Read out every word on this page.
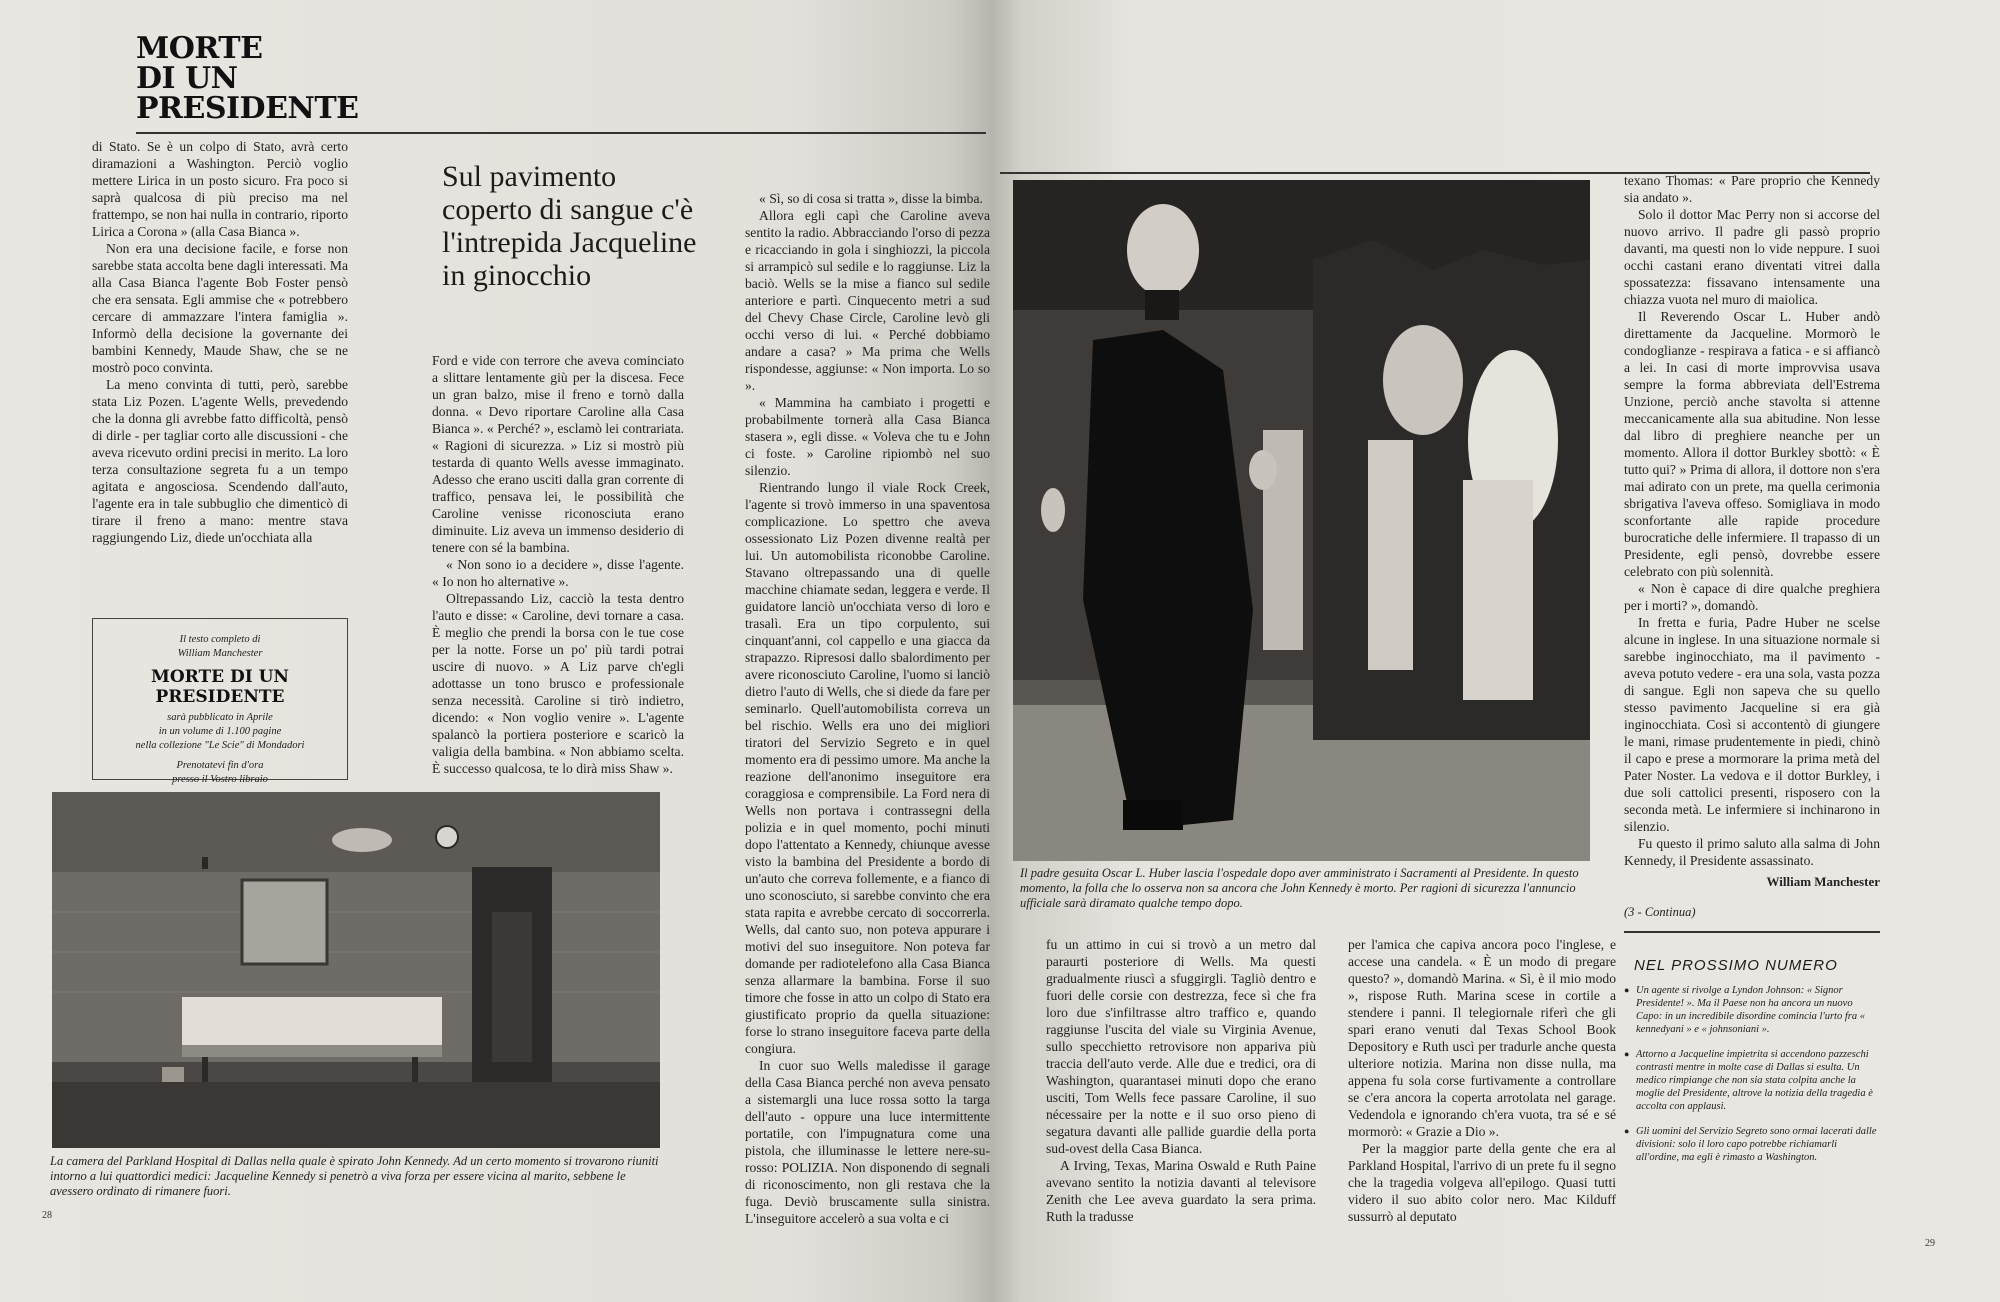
MORTE
DI UN
PRESIDENTE

di Stato. Se è un colpo di Stato, avrà certo diramazioni a Washington. Perciò voglio mettere Lirica in un posto sicuro. Fra poco si saprà qualcosa di più preciso ma nel frattempo, se non hai nulla in contrario, riporto Lirica a Corona » (alla Casa Bianca ».

Non era una decisione facile, e forse non sarebbe stata accolta bene dagli interessati. Ma alla Casa Bianca l'agente Bob Foster pensò che era sensata. Egli ammise che « potrebbero cercare di ammazzare l'intera famiglia ». Informò della decisione la governante dei bambini Kennedy, Maude Shaw, che se ne mostrò poco convinta.

La meno convinta di tutti, però, sarebbe stata Liz Pozen. L'agente Wells, prevedendo che la donna gli avrebbe fatto difficoltà, pensò di dirle - per tagliar corto alle discussioni - che aveva ricevuto ordini precisi in merito. La loro terza consultazione segreta fu a un tempo agitata e angosciosa. Scendendo dall'auto, l'agente era in tale subbuglio che dimenticò di tirare il freno a mano: mentre stava raggiungendo Liz, diede un'occhiata alla

Il testo completo di
William Manchester
MORTE DI UN PRESIDENTE
sarà pubblicato in Aprile
in un volume di 1.100 pagine
nella collezione "Le Scie" di Mondadori
Prenotatevi fin d'ora
presso il Vostro libraio
Sul pavimento coperto di sangue c'è l'intrepida Jacqueline in ginocchio

Ford e vide con terrore che aveva cominciato a slittare lentamente giù per la discesa. Fece un gran balzo, mise il freno e tornò dalla donna. « Devo riportare Caroline alla Casa Bianca ». « Perché? », esclamò lei contrariata. « Ragioni di sicurezza. » Liz si mostrò più testarda di quanto Wells avesse immaginato. Adesso che erano usciti dalla gran corrente di traffico, pensava lei, le possibilità che Caroline venisse riconosciuta erano diminuite. Liz aveva un immenso desiderio di tenere con sé la bambina.

« Non sono io a decidere », disse l'agente. « Io non ho alternative ».

Oltrepassando Liz, cacciò la testa dentro l'auto e disse: « Caroline, devi tornare a casa. È meglio che prendi la borsa con le tue cose per la notte. Forse un po' più tardi potrai uscire di nuovo. » A Liz parve ch'egli adottasse un tono brusco e professionale senza necessità. Caroline si tirò indietro, dicendo: « Non voglio venire ». L'agente spalancò la portiera posteriore e scaricò la valigia della bambina. « Non abbiamo scelta. È successo qualcosa, te lo dirà miss Shaw ».

« Sì, so di cosa si tratta », disse la bimba.

Allora egli capì che Caroline aveva sentito la radio. Abbracciando l'orso di pezza e ricacciando in gola i singhiozzi, la piccola si arrampicò sul sedile e lo raggiunse. Liz la baciò. Wells se la mise a fianco sul sedile anteriore e partì. Cinquecento metri a sud del Chevy Chase Circle, Caroline levò gli occhi verso di lui. « Perché dobbiamo andare a casa? » Ma prima che Wells rispondesse, aggiunse: « Non importa. Lo so ».

« Mammina ha cambiato i progetti e probabilmente tornerà alla Casa Bianca stasera », egli disse. « Voleva che tu e John ci foste. » Caroline ripiombò nel suo silenzio.

Rientrando lungo il viale Rock Creek, l'agente si trovò immerso in una spaventosa complicazione. Lo spettro che aveva ossessionato Liz Pozen divenne realtà per lui. Un automobilista riconobbe Caroline. Stavano oltrepassando una di quelle macchine chiamate sedan, leggera e verde. Il guidatore lanciò un'occhiata verso di loro e trasalì. Era un tipo corpulento, sui cinquant'anni, col cappello e una giacca da strapazzo. Ripresosi dallo sbalordimento per avere riconosciuto Caroline, l'uomo si lanciò dietro l'auto di Wells, che si diede da fare per seminarlo. Quell'automobilista correva un bel rischio. Wells era uno dei migliori tiratori del Servizio Segreto e in quel momento era di pessimo umore. Ma anche la reazione dell'anonimo inseguitore era coraggiosa e comprensibile. La Ford nera di Wells non portava i contrassegni della polizia e in quel momento, pochi minuti dopo l'attentato a Kennedy, chiunque avesse visto la bambina del Presidente a bordo di un'auto che correva follemente, e a fianco di uno sconosciuto, si sarebbe convinto che era stata rapita e avrebbe cercato di soccorrerla. Wells, dal canto suo, non poteva appurare i motivi del suo inseguitore. Non poteva far domande per radiotelefono alla Casa Bianca senza allarmare la bambina. Forse il suo timore che fosse in atto un colpo di Stato era giustificato proprio da quella situazione: forse lo strano inseguitore faceva parte della congiura.

In cuor suo Wells maledisse il garage della Casa Bianca perché non aveva pensato a sistemargli una luce rossa sotto la targa dell'auto - oppure una luce intermittente portatile, con l'impugnatura come una pistola, che illuminasse le lettere nere-su-rosso: POLIZIA. Non disponendo di segnali di riconoscimento, non gli restava che la fuga. Deviò bruscamente sulla sinistra. L'inseguitore accelerò a sua volta e ci

La camera del Parkland Hospital di Dallas nella quale è spirato John Kennedy. Ad un certo momento si trovarono riuniti intorno a lui quattordici medici: Jacqueline Kennedy si penetrò a viva forza per essere vicina al marito, sebbene le avessero ordinato di rimanere fuori.
28
Il padre gesuita Oscar L. Huber lascia l'ospedale dopo aver amministrato i Sacramenti al Presidente. In questo momento, la folla che lo osserva non sa ancora che John Kennedy è morto. Per ragioni di sicurezza l'annuncio ufficiale sarà diramato qualche tempo dopo.

fu un attimo in cui si trovò a un metro dal paraurti posteriore di Wells. Ma questi gradualmente riuscì a sfuggirgli. Tagliò dentro e fuori delle corsie con destrezza, fece sì che fra loro due s'infiltrasse altro traffico e, quando raggiunse l'uscita del viale su Virginia Avenue, sullo specchietto retrovisore non appariva più traccia dell'auto verde. Alle due e tredici, ora di Washington, quarantasei minuti dopo che erano usciti, Tom Wells fece passare Caroline, il suo nécessaire per la notte e il suo orso pieno di segatura davanti alle pallide guardie della porta sud-ovest della Casa Bianca.

A Irving, Texas, Marina Oswald e Ruth Paine avevano sentito la notizia davanti al televisore Zenith che Lee aveva guardato la sera prima. Ruth la tradusse

per l'amica che capiva ancora poco l'inglese, e accese una candela. « È un modo di pregare questo? », domandò Marina. « Sì, è il mio modo », rispose Ruth. Marina scese in cortile a stendere i panni. Il telegiornale riferì che gli spari erano venuti dal Texas School Book Depository e Ruth uscì per tradurle anche questa ulteriore notizia. Marina non disse nulla, ma appena fu sola corse furtivamente a controllare se c'era ancora la coperta arrotolata nel garage. Vedendola e ignorando ch'era vuota, tra sé e sé mormorò: « Grazie a Dio ».

Per la maggior parte della gente che era al Parkland Hospital, l'arrivo di un prete fu il segno che la tragedia volgeva all'epilogo. Quasi tutti videro il suo abito color nero. Mac Kilduff sussurrò al deputato

texano Thomas: « Pare proprio che Kennedy sia andato ».

Solo il dottor Mac Perry non si accorse del nuovo arrivo. Il padre gli passò proprio davanti, ma questi non lo vide neppure. I suoi occhi castani erano diventati vitrei dalla spossatezza: fissavano intensamente una chiazza vuota nel muro di maiolica.

Il Reverendo Oscar L. Huber andò direttamente da Jacqueline. Mormorò le condoglianze - respirava a fatica - e si affiancò a lei. In casi di morte improvvisa usava sempre la forma abbreviata dell'Estrema Unzione, perciò anche stavolta si attenne meccanicamente alla sua abitudine. Non lesse dal libro di preghiere neanche per un momento. Allora il dottor Burkley sbottò: « È tutto qui? » Prima di allora, il dottore non s'era mai adirato con un prete, ma quella cerimonia sbrigativa l'aveva offeso. Somigliava in modo sconfortante alle rapide procedure burocratiche delle infermiere. Il trapasso di un Presidente, egli pensò, dovrebbe essere celebrato con più solennità.

« Non è capace di dire qualche preghiera per i morti? », domandò.

In fretta e furia, Padre Huber ne scelse alcune in inglese. In una situazione normale si sarebbe inginocchiato, ma il pavimento - aveva potuto vedere - era una sola, vasta pozza di sangue. Egli non sapeva che su quello stesso pavimento Jacqueline si era già inginocchiata. Così si accontentò di giungere le mani, rimase prudentemente in piedi, chinò il capo e prese a mormorare la prima metà del Pater Noster. La vedova e il dottor Burkley, i due soli cattolici presenti, risposero con la seconda metà. Le infermiere si inchinarono in silenzio.

Fu questo il primo saluto alla salma di John Kennedy, il Presidente assassinato.

William Manchester
(3 - Continua)
NEL PROSSIMO NUMERO
● Un agente si rivolge a Lyndon Johnson: « Signor Presidente! ». Ma il Paese non ha ancora un nuovo Capo: in un incredibile disordine comincia l'urto fra « kennedyani » e « johnsoniani ».
● Attorno a Jacqueline impietrita si accendono pazzeschi contrasti mentre in molte case di Dallas si esulta. Un medico rimpiange che non sia stata colpita anche la moglie del Presidente, altrove la notizia della tragedia è accolta con applausi.
● Gli uomini del Servizio Segreto sono ormai lacerati dalle divisioni: solo il loro capo potrebbe richiamarli all'ordine, ma egli è rimasto a Washington.
29
